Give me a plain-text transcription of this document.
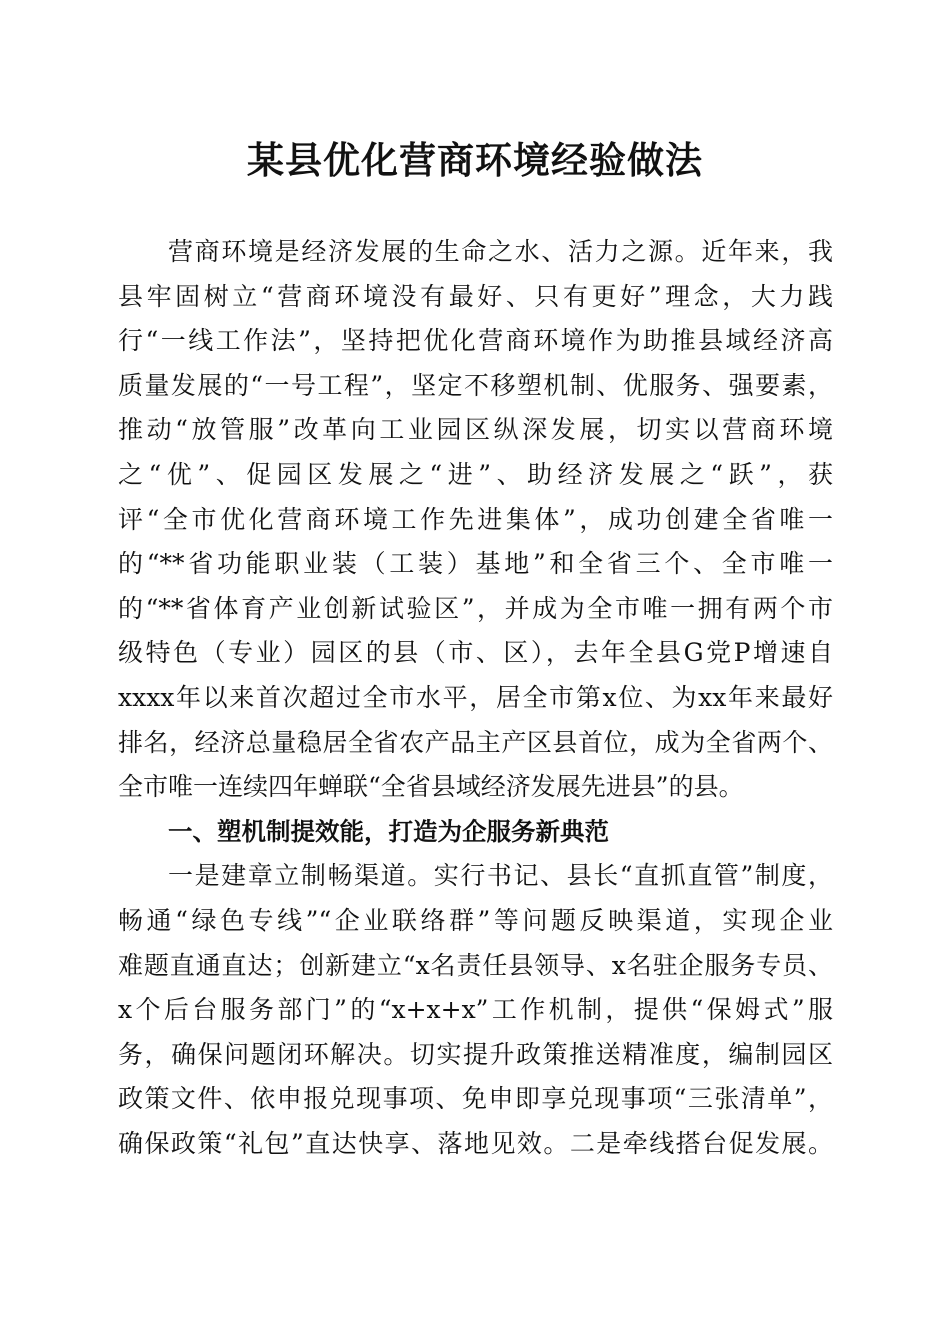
某县优化营商环境经验做法
营商环境是经济发展的生命之水、活力之源。近年来，我
县牢固树立“营商环境没有最好、只有更好”理念，大力践
行“一线工作法”，坚持把优化营商环境作为助推县域经济高
质量发展的“一号工程”，坚定不移塑机制、优服务、强要素，
推动“放管服”改革向工业园区纵深发展，切实以营商环境
之“优”、促园区发展之“进”、助经济发展之“跃”，获
评“全市优化营商环境工作先进集体”，成功创建全省唯一
的“**省功能职业装（工装）基地”和全省三个、全市唯一
的“**省体育产业创新试验区”，并成为全市唯一拥有两个市
级特色（专业）园区的县（市、区），去年全县G党P增速自
xxxx年以来首次超过全市水平，居全市第x位、为xx年来最好
排名，经济总量稳居全省农产品主产区县首位，成为全省两个、
全市唯一连续四年蝉联“全省县域经济发展先进县”的县。
一、塑机制提效能，打造为企服务新典范
一是建章立制畅渠道。实行书记、县长“直抓直管”制度，
畅通“绿色专线”“企业联络群”等问题反映渠道，实现企业
难题直通直达；创新建立“x名责任县领导、x名驻企服务专员、
x个后台服务部门”的“x+x+x”工作机制，提供“保姆式”服
务，确保问题闭环解决。切实提升政策推送精准度，编制园区
政策文件、依申报兑现事项、免申即享兑现事项“三张清单”，
确保政策“礼包”直达快享、落地见效。二是牵线搭台促发展。
